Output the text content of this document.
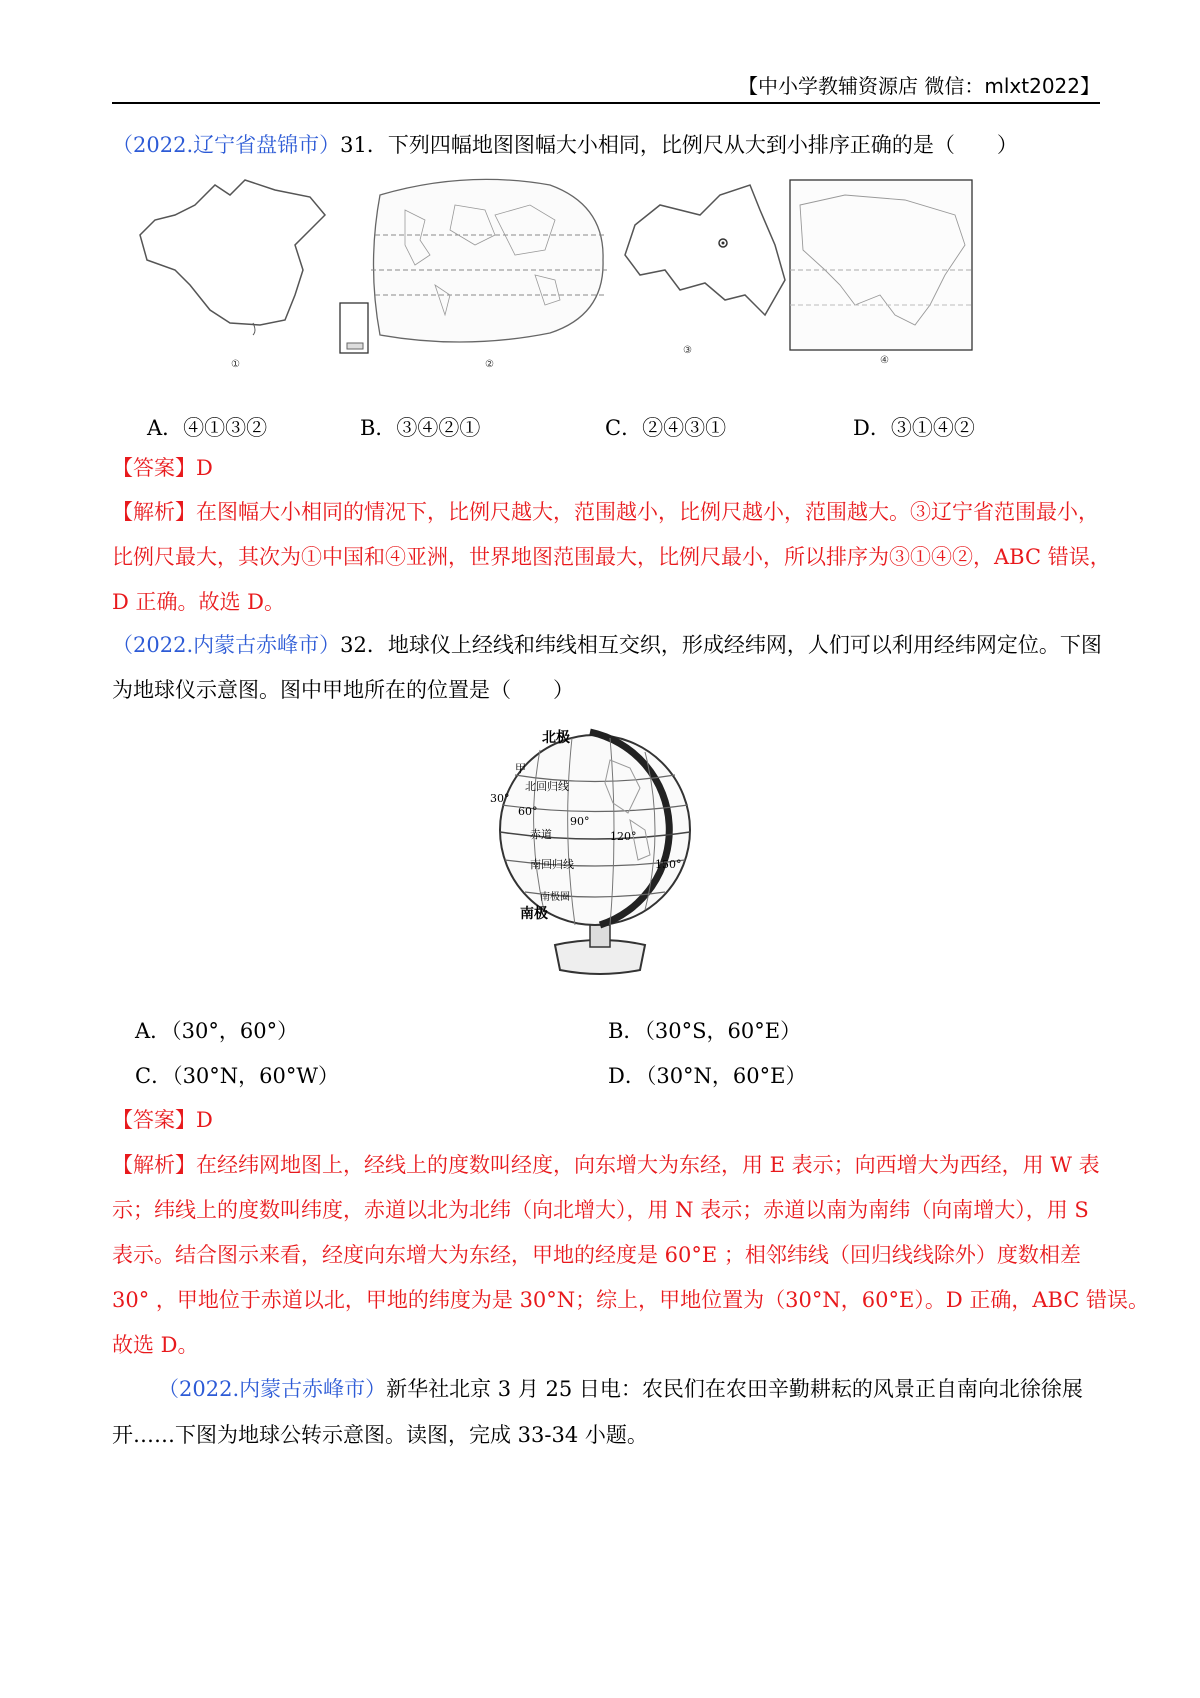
【中小学教辅资源店 微信：mlxt2022】
（2022.辽宁省盘锦市）31．下列四幅地图图幅大小相同，比例尺从大到小排序正确的是（　　）
①	②
③
④
A．④①③②	B．③④②①	C．②④③①	D．③①④②
【答案】D
【解析】在图幅大小相同的情况下，比例尺越大，范围越小，比例尺越小，范围越大。③辽宁省范围最小，
比例尺最大，其次为①中国和④亚洲，世界地图范围最大，比例尺最小，所以排序为③①④②，ABC 错误，
D 正确。故选 D。
（2022.内蒙古赤峰市）32．地球仪上经线和纬线相互交织，形成经纬网，人们可以利用经纬网定位。下图
为地球仪示意图。图中甲地所在的位置是（　　）
北极
甲
北回归线
30°
60°
赤道
90°
120°
150°
南回归线
南极圈
南极
A．（30°，60°）	B．（30°S，60°E）
C．（30°N，60°W）	D．（30°N，60°E）
【答案】D
【解析】在经纬网地图上，经线上的度数叫经度，向东增大为东经，用 E 表示；向西增大为西经，用 W 表
示；纬线上的度数叫纬度，赤道以北为北纬（向北增大），用 N 表示；赤道以南为南纬（向南增大），用 S
表示。结合图示来看，经度向东增大为东经，甲地的经度是 60°E ；相邻纬线（回归线线除外）度数相差
30° ，甲地位于赤道以北，甲地的纬度为是 30°N；综上，甲地位置为（30°N，60°E）。D 正确，ABC 错误。
故选 D。
（2022.内蒙古赤峰市）新华社北京 3 月 25 日电：农民们在农田辛勤耕耘的风景正自南向北徐徐展
开……下图为地球公转示意图。读图，完成 33-34 小题。
